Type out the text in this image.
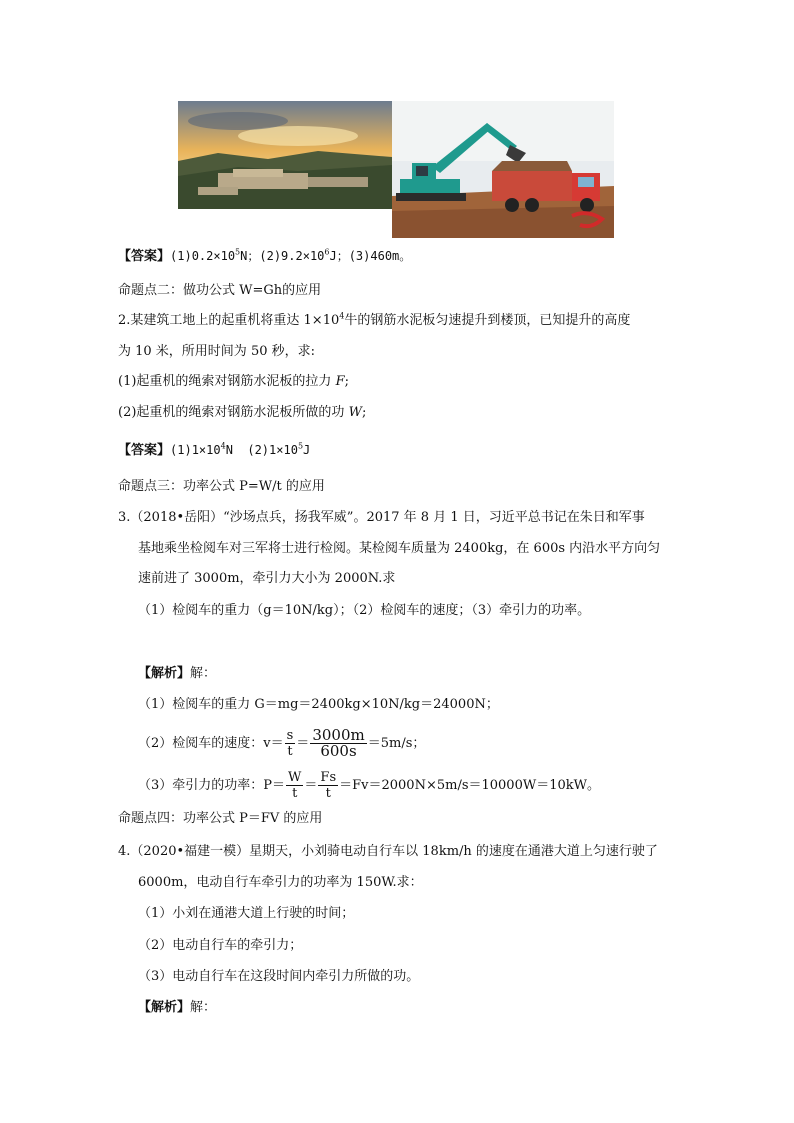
【答案】$(1)0.2\times 10^5N$；$(2)9.2\times 10^6J$；(3)460m。
命题点二：做功公式 W=Gh的应用
2.某建筑工地上的起重机将重达 $1\times 10^4$牛的钢筋水泥板匀速提升到楼顶，已知提升的高度
为 10 米，所用时间为 50 秒，求:
(1)起重机的绳索对钢筋水泥板的拉力 F;
(2)起重机的绳索对钢筋水泥板所做的功 W;
【答案】$(1)1\times 10^4N$  $(2)1\times 10^5J$
命题点三：功率公式 P=W/t 的应用
3.（2018•岳阳）“沙场点兵，扬我军威”。2017 年 8 月 1 日，习近平总书记在朱日和军事
基地乘坐检阅车对三军将士进行检阅。某检阅车质量为 2400kg，在 600s 内沿水平方向匀
速前进了 3000m，牵引力大小为 2000N.求
（1）检阅车的重力（g＝10N/kg）；（2）检阅车的速度；（3）牵引力的功率。
【解析】解：
（1）检阅车的重力 G＝mg＝2400kg×10N/kg＝24000N；
（2）检阅车的速度：$v= \frac{s}{t} = \frac{3000m}{600s} =5m/s$；
（3）牵引力的功率：$P= \frac{W}{t} = \frac{Fs}{t} =Fv=2000N\times 5m/s=10000W=10kW$。
命题点四：功率公式 P＝FV 的应用
4.（2020•福建一模）星期天，小刘骑电动自行车以 18km/h 的速度在通港大道上匀速行驶了
6000m，电动自行车牵引力的功率为 150W.求：
（1）小刘在通港大道上行驶的时间；
（2）电动自行车的牵引力；
（3）电动自行车在这段时间内牵引力所做的功。
【解析】解：
